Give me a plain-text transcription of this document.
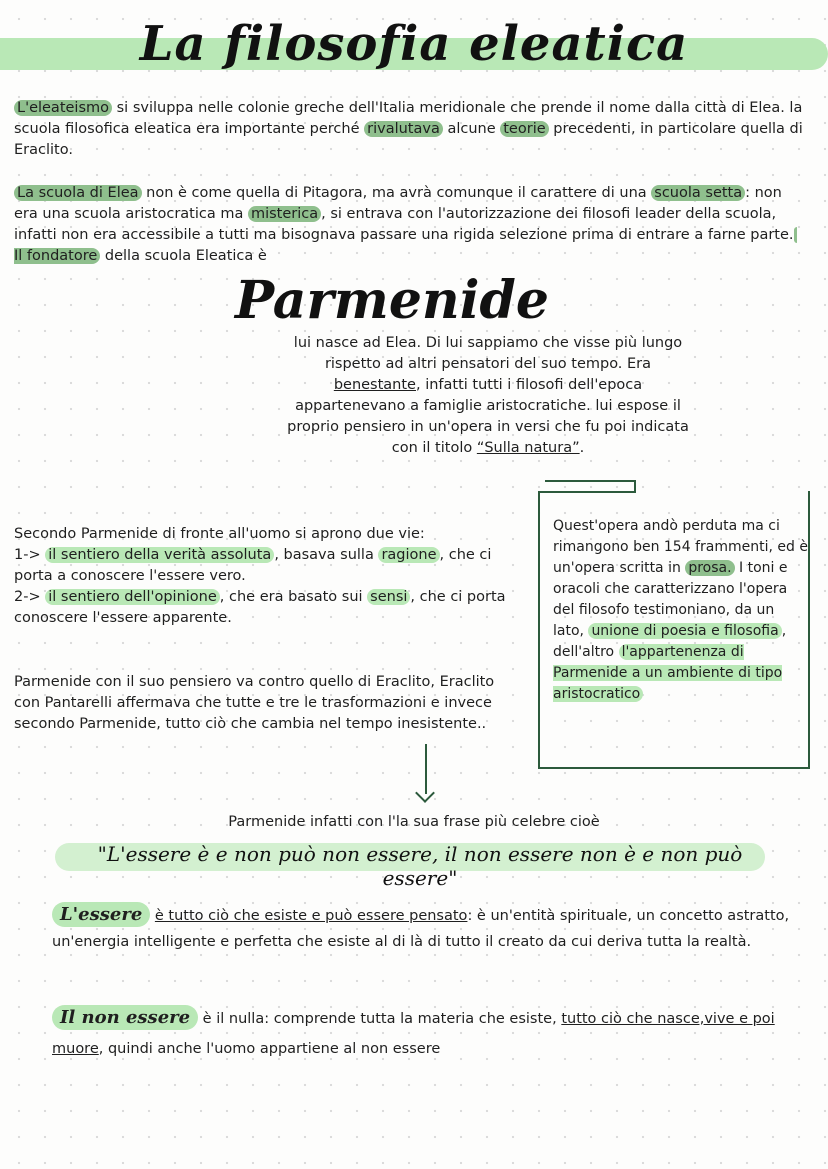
La filosofia eleatica
L'eleateismo si sviluppa nelle colonie greche dell'Italia meridionale che prende il nome dalla città di Elea. la scuola filosofica eleatica era importante perché rivalutava alcune teorie precedenti, in particolare quella di Eraclito.
La scuola di Elea non è come quella di Pitagora, ma avrà comunque il carattere di una scuola setta : non era una scuola aristocratica ma misterica , si entrava con l'autorizzazione dei filosofi leader della scuola, infatti non era accessibile a tutti ma bisognava passare una rigida selezione prima di entrare a farne parte. Il fondatore della scuola Eleatica è
Parmenide
lui nasce ad Elea. Di lui sappiamo che visse più lungo rispetto ad altri pensatori del suo tempo. Era benestante, infatti tutti i filosofi dell'epoca appartenevano a famiglie aristocratiche. lui espose il proprio pensiero in un'opera in versi che fu poi indicata con il titolo “Sulla natura”.
Secondo Parmenide di fronte all'uomo si aprono due vie:
1-> il sentiero della verità assoluta , basava sulla ragione , che ci porta a conoscere l'essere vero.
2-> il sentiero dell'opinione , che era basato sui sensi , che ci porta conoscere l'essere apparente.
Parmenide con il suo pensiero va contro quello di Eraclito, Eraclito con Pantarelli affermava che tutte e tre le trasformazioni e invece secondo Parmenide, tutto ciò che cambia nel tempo inesistente..
Quest'opera andò perduta ma ci rimangono ben 154 frammenti, ed è un'opera scritta in prosa. I toni e oracoli che caratterizzano l'opera del filosofo testimoniano, da un lato, unione di poesia e filosofia , dell'altro l'appartenenza di Parmenide a un ambiente di tipo aristocratico
Parmenide infatti con l'la sua frase più celebre cioè
"L'essere è e non può non essere, il non essere non è e non può essere"
L'essere è tutto ciò che esiste e può essere pensato: è un'entità spirituale, un concetto astratto, un'energia intelligente e perfetta che esiste al di là di tutto il creato da cui deriva tutta la realtà.
Il non essere è il nulla: comprende tutta la materia che esiste, tutto ciò che nasce,vive e poi muore, quindi anche l'uomo appartiene al non essere
